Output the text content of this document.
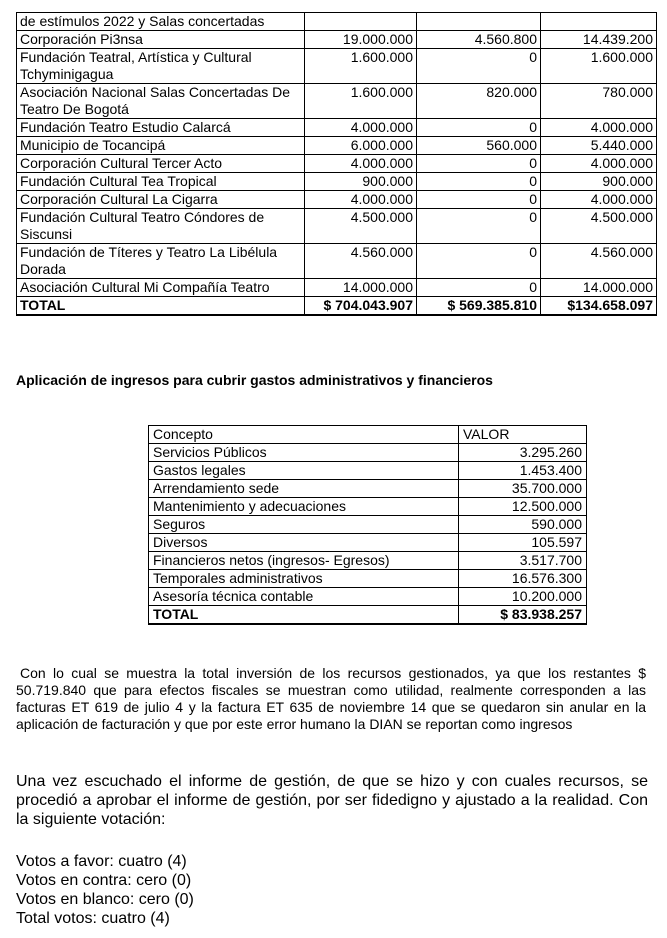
de estímulos 2022 y Salas concertadas			
Corporación Pi3nsa	19.000.000	4.560.800	14.439.200
Fundación Teatral, Artística y Cultural Tchyminigagua	1.600.000	0	1.600.000
Asociación Nacional Salas Concertadas De Teatro De Bogotá	1.600.000	820.000	780.000
Fundación Teatro Estudio Calarcá	4.000.000	0	4.000.000
Municipio de Tocancipá	6.000.000	560.000	5.440.000
Corporación Cultural Tercer Acto	4.000.000	0	4.000.000
Fundación Cultural Tea Tropical	900.000	0	900.000
Corporación Cultural La Cigarra	4.000.000	0	4.000.000
Fundación Cultural Teatro Cóndores de Siscunsi	4.500.000	0	4.500.000
Fundación de Títeres y Teatro La Libélula Dorada	4.560.000	0	4.560.000
Asociación Cultural Mi Compañía Teatro	14.000.000	0	14.000.000
TOTAL	$ 704.043.907	$ 569.385.810	$134.658.097
Aplicación de ingresos para cubrir gastos administrativos y financieros
Concepto	VALOR
Servicios Públicos	3.295.260
Gastos legales	1.453.400
Arrendamiento sede	35.700.000
Mantenimiento y adecuaciones	12.500.000
Seguros	590.000
Diversos	105.597
Financieros netos (ingresos- Egresos)	3.517.700
Temporales administrativos	16.576.300
Asesoría técnica contable	10.200.000
TOTAL	$ 83.938.257

Con lo cual se muestra la total inversión de los recursos gestionados, ya que los restantes $ 50.719.840 que para efectos fiscales se muestran como utilidad, realmente corresponden a las facturas ET 619 de julio 4 y la factura ET 635 de noviembre 14 que se quedaron sin anular en la aplicación de facturación y que por este error humano la DIAN se reportan como ingresos

Una vez escuchado el informe de gestión, de que se hizo y con cuales recursos, se procedió a aprobar el informe de gestión, por ser fidedigno y ajustado a la realidad. Con la siguiente votación:

Votos a favor: cuatro (4)
Votos en contra: cero (0)
Votos en blanco: cero (0)
Total votos: cuatro (4)
